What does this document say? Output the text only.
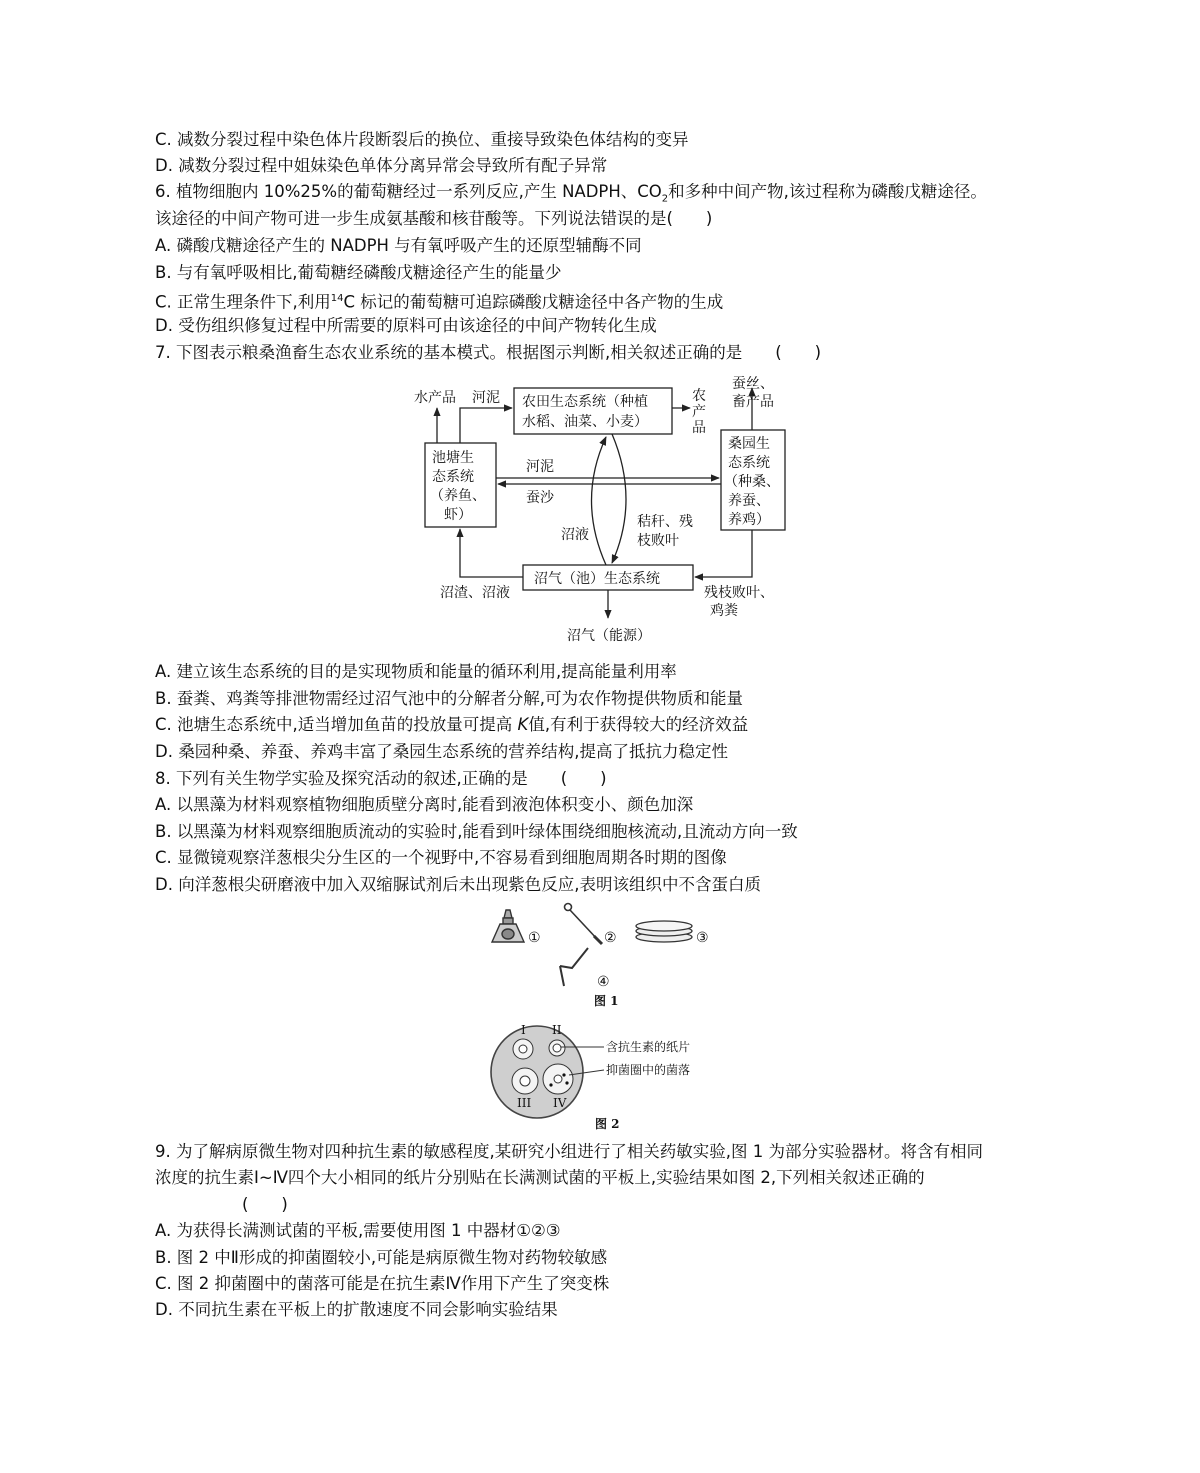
C. 减数分裂过程中染色体片段断裂后的换位、重接导致染色体结构的变异
D. 减数分裂过程中姐妹染色单体分离异常会导致所有配子异常
6. 植物细胞内 10%25%的葡萄糖经过一系列反应,产生 NADPH、$CO_2$和多种中间产物,该过程称为磷酸戊糖途径。
该途径的中间产物可进一步生成氨基酸和核苷酸等。下列说法错误的是(　　)
A. 磷酸戊糖途径产生的 NADPH 与有氧呼吸产生的还原型辅酶不同
B. 与有氧呼吸相比,葡萄糖经磷酸戊糖途径产生的能量少
C. 正常生理条件下,利用$^{14}$C 标记的葡萄糖可追踪磷酸戊糖途径中各产物的生成
D. 受伤组织修复过程中所需要的原料可由该途径的中间产物转化生成
7. 下图表示粮桑渔畜生态农业系统的基本模式。根据图示判断,相关叙述正确的是　　(　　)
农田生态系统（种植
水稻、油菜、小麦）
池塘生
态系统
（养鱼、
虾）
桑园生
态系统
（种桑、
养蚕、
养鸡）
沼气（池）生态系统
水产品 河泥	农
产
品
蚕丝、
畜产品
河泥
蚕沙
沼液
秸秆、残
枝败叶
沼渣、沼液	残枝败叶、
鸡粪
沼气（能源）
A. 建立该生态系统的目的是实现物质和能量的循环利用,提高能量利用率
B. 蚕粪、鸡粪等排泄物需经过沼气池中的分解者分解,可为农作物提供物质和能量
C. 池塘生态系统中,适当增加鱼苗的投放量可提高 K值,有利于获得较大的经济效益
D. 桑园种桑、养蚕、养鸡丰富了桑园生态系统的营养结构,提高了抵抗力稳定性
8. 下列有关生物学实验及探究活动的叙述,正确的是　　(　　)
A. 以黑藻为材料观察植物细胞质壁分离时,能看到液泡体积变小、颜色加深
B. 以黑藻为材料观察细胞质流动的实验时,能看到叶绿体围绕细胞核流动,且流动方向一致
C. 显微镜观察洋葱根尖分生区的一个视野中,不容易看到细胞周期各时期的图像
D. 向洋葱根尖研磨液中加入双缩脲试剂后未出现紫色反应,表明该组织中不含蛋白质
①	②	③
④
图 1
I II
III IV
含抗生素的纸片
抑菌圈中的菌落
图 2
9. 为了解病原微生物对四种抗生素的敏感程度,某研究小组进行了相关药敏实验,图 1 为部分实验器材。将含有相同
浓度的抗生素Ⅰ~Ⅳ四个大小相同的纸片分别贴在长满测试菌的平板上,实验结果如图 2,下列相关叙述正确的
(　　)
A. 为获得长满测试菌的平板,需要使用图 1 中器材①②③
B. 图 2 中Ⅱ形成的抑菌圈较小,可能是病原微生物对药物较敏感
C. 图 2 抑菌圈中的菌落可能是在抗生素Ⅳ作用下产生了突变株
D. 不同抗生素在平板上的扩散速度不同会影响实验结果
